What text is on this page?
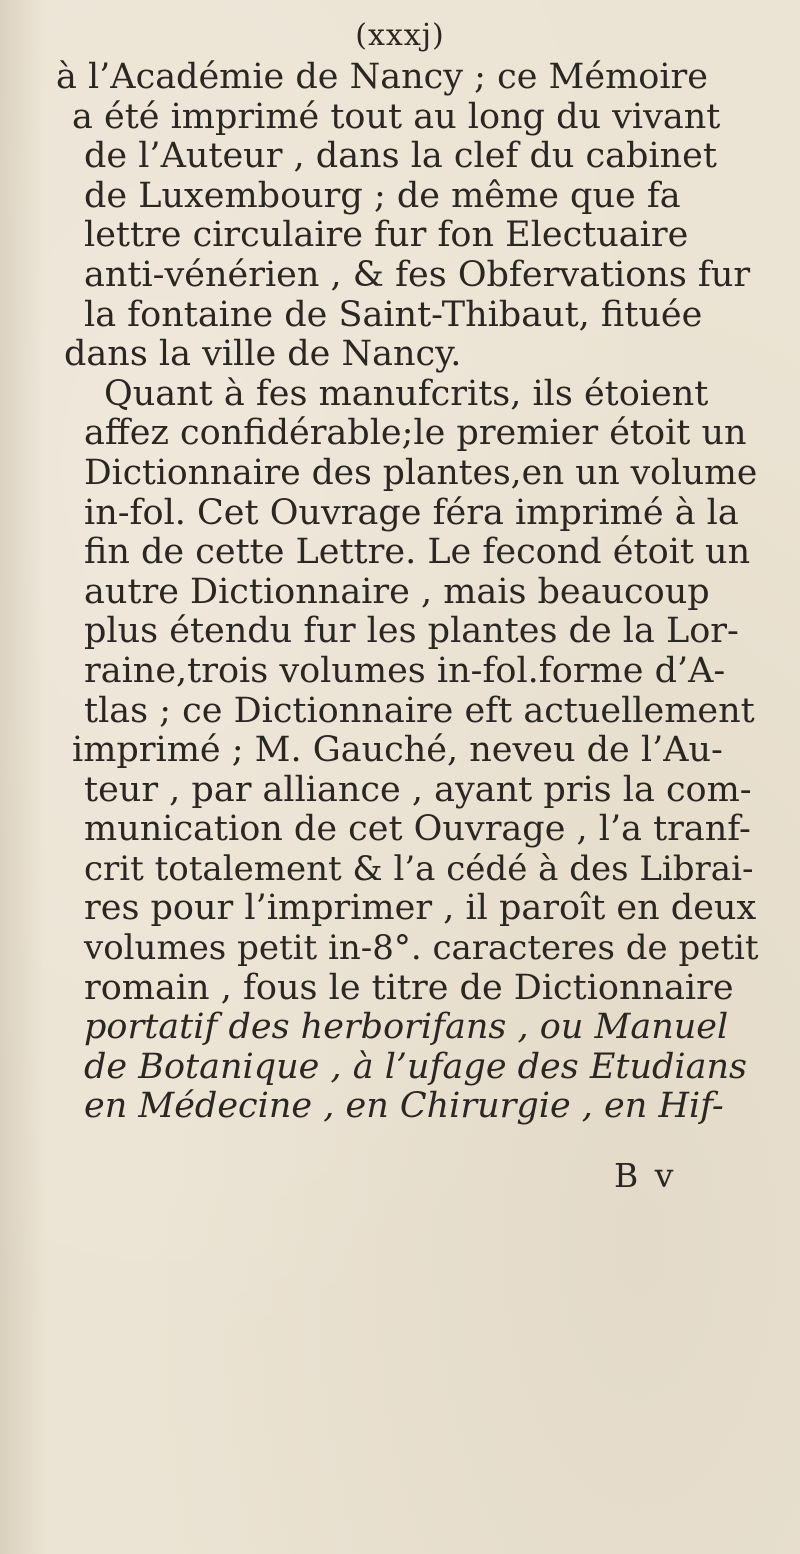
(xxxj)
à l’Académie de Nancy ; ce Mémoire
a été imprimé tout au long du vivant
de l’Auteur , dans la clef du cabinet
de Luxembourg ; de même que fa
lettre circulaire fur fon Electuaire
anti-vénérien , & fes Obfervations fur
la fontaine de Saint-Thibaut, fituée
dans la ville de Nancy.
Quant à fes manufcrits, ils étoient
affez confidérable;le premier étoit un
Dictionnaire des plantes,en un volume
in-fol. Cet Ouvrage féra imprimé à la
fin de cette Lettre. Le fecond étoit un
autre Dictionnaire , mais beaucoup
plus étendu fur les plantes de la Lor-
raine,trois volumes in-fol.forme d’A-
tlas ; ce Dictionnaire eft actuellement
imprimé ; M. Gauché, neveu de l’Au-
teur , par alliance , ayant pris la com-
munication de cet Ouvrage , l’a tranf-
crit totalement & l’a cédé à des Librai-
res pour l’imprimer , il paroît en deux
volumes petit in-8°. caracteres de petit
romain , fous le titre de Dictionnaire
portatif des herborifans , ou Manuel
de Botanique , à l’ufage des Etudians
en Médecine , en Chirurgie , en Hif-
B v
